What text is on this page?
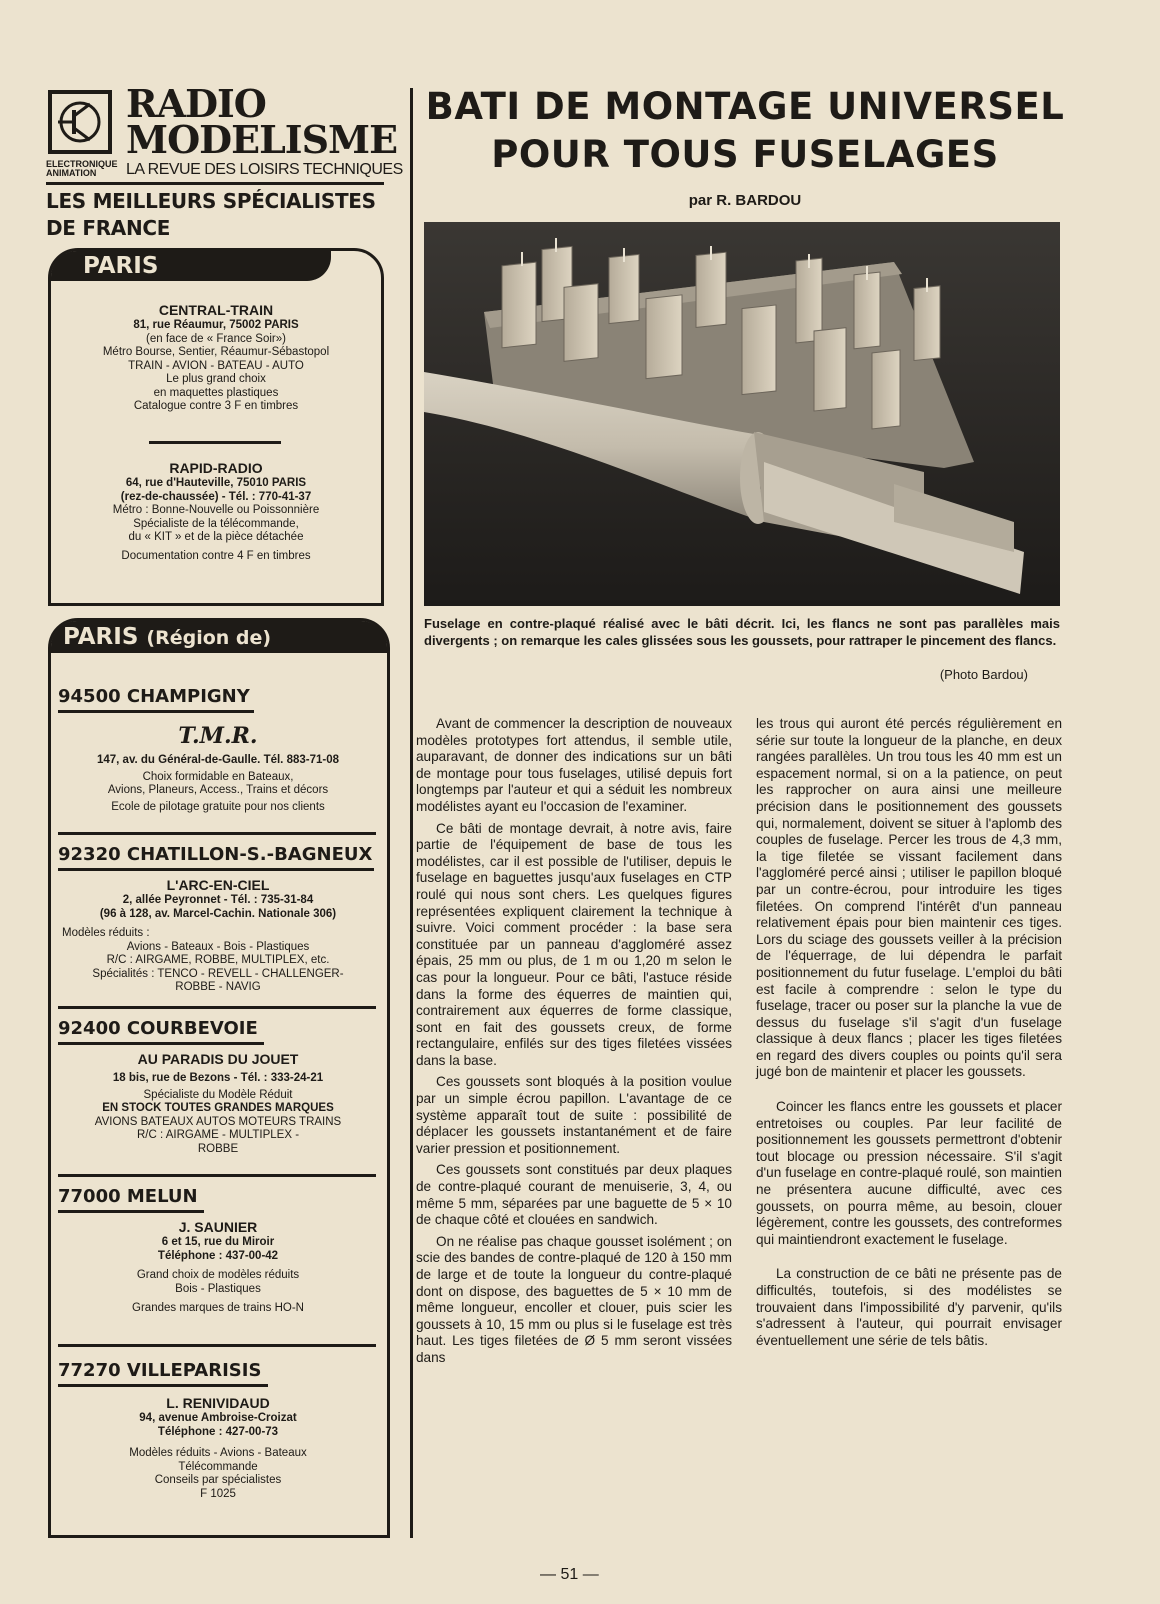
RADIO
MODELISME
ELECTRONIQUE
ANIMATION	LA REVUE DES LOISIRS TECHNIQUES
LES MEILLEURS SPÉCIALISTES DE FRANCE
PARIS
CENTRAL-TRAIN
81, rue Réaumur, 75002 PARIS
(en face de « France Soir»)
Métro Bourse, Sentier, Réaumur-Sébastopol
TRAIN - AVION - BATEAU - AUTO
Le plus grand choix
en maquettes plastiques
Catalogue contre 3 F en timbres
RAPID-RADIO
64, rue d'Hauteville, 75010 PARIS
(rez-de-chaussée) - Tél. : 770-41-37
Métro : Bonne-Nouvelle ou Poissonnière
Spécialiste de la télécommande,
du « KIT » et de la pièce détachée
Documentation contre 4 F en timbres
PARIS (Région de)
94500 CHAMPIGNY
T.M.R.
147, av. du Général-de-Gaulle. Tél. 883-71-08
Choix formidable en Bateaux,
Avions, Planeurs, Access., Trains et décors
Ecole de pilotage gratuite pour nos clients
92320 CHATILLON-S.-BAGNEUX
L'ARC-EN-CIEL
2, allée Peyronnet - Tél. : 735-31-84
(96 à 128, av. Marcel-Cachin. Nationale 306)
Modèles réduits :
Avions - Bateaux - Bois - Plastiques
R/C : AIRGAME, ROBBE, MULTIPLEX, etc.
Spécialités : TENCO - REVELL - CHALLENGER-
ROBBE - NAVIG
92400 COURBEVOIE
AU PARADIS DU JOUET
18 bis, rue de Bezons - Tél. : 333-24-21
Spécialiste du Modèle Réduit
EN STOCK TOUTES GRANDES MARQUES
AVIONS BATEAUX AUTOS MOTEURS TRAINS
R/C : AIRGAME - MULTIPLEX -
ROBBE
77000 MELUN
J. SAUNIER
6 et 15, rue du Miroir
Téléphone : 437-00-42
Grand choix de modèles réduits
Bois - Plastiques
Grandes marques de trains HO-N
77270 VILLEPARISIS
L. RENIVIDAUD
94, avenue Ambroise-Croizat
Téléphone : 427-00-73
Modèles réduits - Avions - Bateaux
Télécommande
Conseils par spécialistes
F 1025
BATI DE MONTAGE UNIVERSEL
POUR TOUS FUSELAGES
par R. BARDOU
Fuselage en contre-plaqué réalisé avec le bâti décrit. Ici, les flancs ne sont pas parallèles mais divergents ; on remarque les cales glissées sous les goussets, pour rattraper le pincement des flancs.
(Photo Bardou)

Avant de commencer la description de nouveaux modèles prototypes fort attendus, il semble utile, auparavant, de donner des indications sur un bâti de montage pour tous fuselages, utilisé depuis fort longtemps par l'auteur et qui a séduit les nombreux modélistes ayant eu l'occasion de l'examiner.

Ce bâti de montage devrait, à notre avis, faire partie de l'équipement de base de tous les modélistes, car il est possible de l'utiliser, depuis le fuselage en baguettes jusqu'aux fuselages en CTP roulé qui nous sont chers. Les quelques figures représentées expliquent clairement la technique à suivre. Voici comment procéder : la base sera constituée par un panneau d'aggloméré assez épais, 25 mm ou plus, de 1 m ou 1,20 m selon le cas pour la longueur. Pour ce bâti, l'astuce réside dans la forme des équerres de maintien qui, contrairement aux équerres de forme classique, sont en fait des goussets creux, de forme rectangulaire, enfilés sur des tiges filetées vissées dans la base.

Ces goussets sont bloqués à la position voulue par un simple écrou papillon. L'avantage de ce système apparaît tout de suite : possibilité de déplacer les goussets instantanément et de faire varier pression et positionnement.

Ces goussets sont constitués par deux plaques de contre-plaqué courant de menuiserie, 3, 4, ou même 5 mm, séparées par une baguette de 5 × 10 de chaque côté et clouées en sandwich.

On ne réalise pas chaque gousset isolément ; on scie des bandes de contre-plaqué de 120 à 150 mm de large et de toute la longueur du contre-plaqué dont on dispose, des baguettes de 5 × 10 mm de même longueur, encoller et clouer, puis scier les goussets à 10, 15 mm ou plus si le fuselage est très haut. Les tiges filetées de Ø 5 mm seront vissées dans

les trous qui auront été percés régulièrement en série sur toute la longueur de la planche, en deux rangées parallèles. Un trou tous les 40 mm est un espacement normal, si on a la patience, on peut les rapprocher on aura ainsi une meilleure précision dans le positionnement des goussets qui, normalement, doivent se situer à l'aplomb des couples de fuselage. Percer les trous de 4,3 mm, la tige filetée se vissant facilement dans l'aggloméré percé ainsi ; utiliser le papillon bloqué par un contre-écrou, pour introduire les tiges filetées. On comprend l'intérêt d'un panneau relativement épais pour bien maintenir ces tiges. Lors du sciage des goussets veiller à la précision de l'équerrage, de lui dépendra le parfait positionnement du futur fuselage. L'emploi du bâti est facile à comprendre : selon le type du fuselage, tracer ou poser sur la planche la vue de dessus du fuselage s'il s'agit d'un fuselage classique à deux flancs ; placer les tiges filetées en regard des divers couples ou points qu'il sera jugé bon de maintenir et placer les goussets.

Coincer les flancs entre les goussets et placer entretoises ou couples. Par leur facilité de positionnement les goussets permettront d'obtenir tout blocage ou pression nécessaire. S'il s'agit d'un fuselage en contre-plaqué roulé, son maintien ne présentera aucune difficulté, avec ces goussets, on pourra même, au besoin, clouer légèrement, contre les goussets, des contreformes qui maintiendront exactement le fuselage.

La construction de ce bâti ne présente pas de difficultés, toutefois, si des modélistes se trouvaient dans l'impossibilité d'y parvenir, qu'ils s'adressent à l'auteur, qui pourrait envisager éventuellement une série de tels bâtis.

— 51 —
